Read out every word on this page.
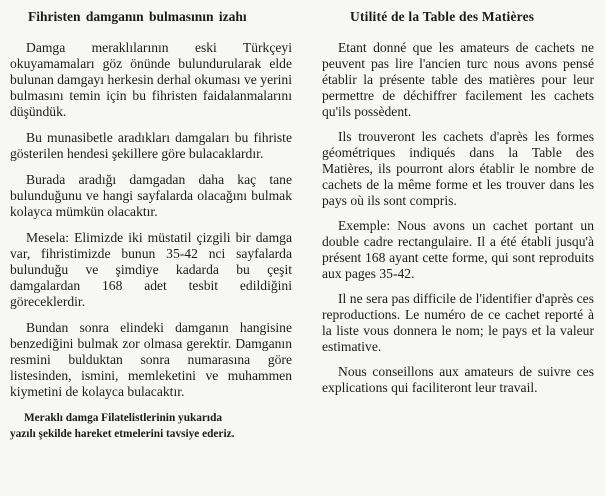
Fihristen damganın bulmasının izahı

Damga meraklılarının eski Türkçeyi okuyamamaları göz önünde bulundurularak elde bulunan damgayı herkesin derhal okuması ve yerini bulmasını temin için bu fihristen faidalanmalarını düşündük.

Bu munasibetle aradıkları damgaları bu fihriste gösterilen hendesi şekillere göre bulacaklardır.

Burada aradığı damgadan daha kaç tane bulunduğunu ve hangi sayfalarda olacağını bulmak kolayca mümkün olacaktır.

Mesela: Elimizde iki müstatil çizgili bir damga var, fihristimizde bunun 35-42 nci sayfalarda bulunduğu ve şimdiye kadarda bu çeşit damgalardan 168 adet tesbit edildiğini göreceklerdir.

Bundan sonra elindeki damganın hangisine benzediğini bulmak zor olmasa gerektir. Damganın resmini bulduktan sonra numarasına göre listesinden, ismini, memleketini ve muhammen kiymetini de kolayca bulacaktır.

Meraklı damga Filatelistlerinin yukarıda
yazılı şekilde hareket etmelerini tavsiye ederiz.
Utilité de la Table des Matières

Etant donné que les amateurs de cachets ne peuvent pas lire l'ancien turc nous avons pensé établir la présente table des matières pour leur permettre de déchiffrer facilement les cachets qu'ils possèdent.

Ils trouveront les cachets d'après les formes géométriques indiqués dans la Table des Matières, ils pourront alors établir le nombre de cachets de la même forme et les trouver dans les pays où ils sont compris.

Exemple: Nous avons un cachet portant un double cadre rectangulaire. Il a été établi jusqu'à présent 168 ayant cette forme, qui sont reproduits aux pages 35-42.

Il ne sera pas difficile de l'identifier d'après ces reproductions. Le numéro de ce cachet reporté à la liste vous donnera le nom; le pays et la valeur estimative.

Nous conseillons aux amateurs de suivre ces explications qui faciliteront leur travail.
